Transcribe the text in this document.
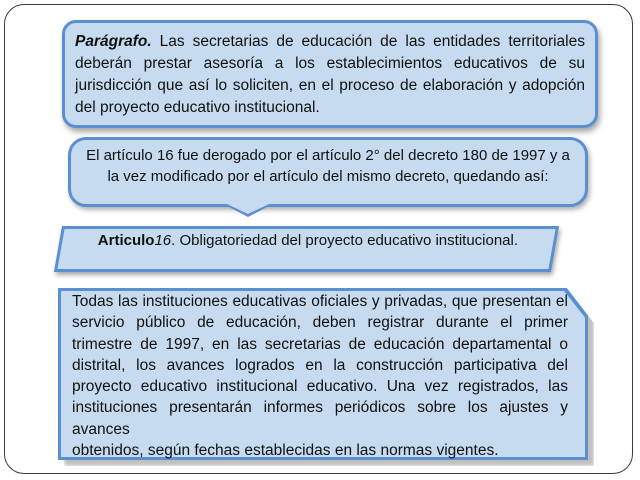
Parágrafo. Las secretarias de educación de las entidades territoriales deberán prestar asesoría a los establecimientos educativos de su jurisdicción que así lo soliciten, en el proceso de elaboración y adopción del proyecto educativo institucional.
El artículo 16 fue derogado por el artículo 2° del decreto 180 de 1997 y a la vez modificado por el artículo del mismo decreto, quedando así:
Articulo16. Obligatoriedad del proyecto educativo institucional.

Todas las instituciones educativas oficiales y privadas, que presentan el servicio público de educación, deben registrar durante el primer trimestre de 1997, en las secretarias de educación departamental o distrital, los avances logrados en la construcción participativa del proyecto educativo institucional educativo. Una vez registrados, las instituciones presentarán informes periódicos sobre los ajustes y avances

obtenidos, según fechas establecidas en las normas vigentes.
